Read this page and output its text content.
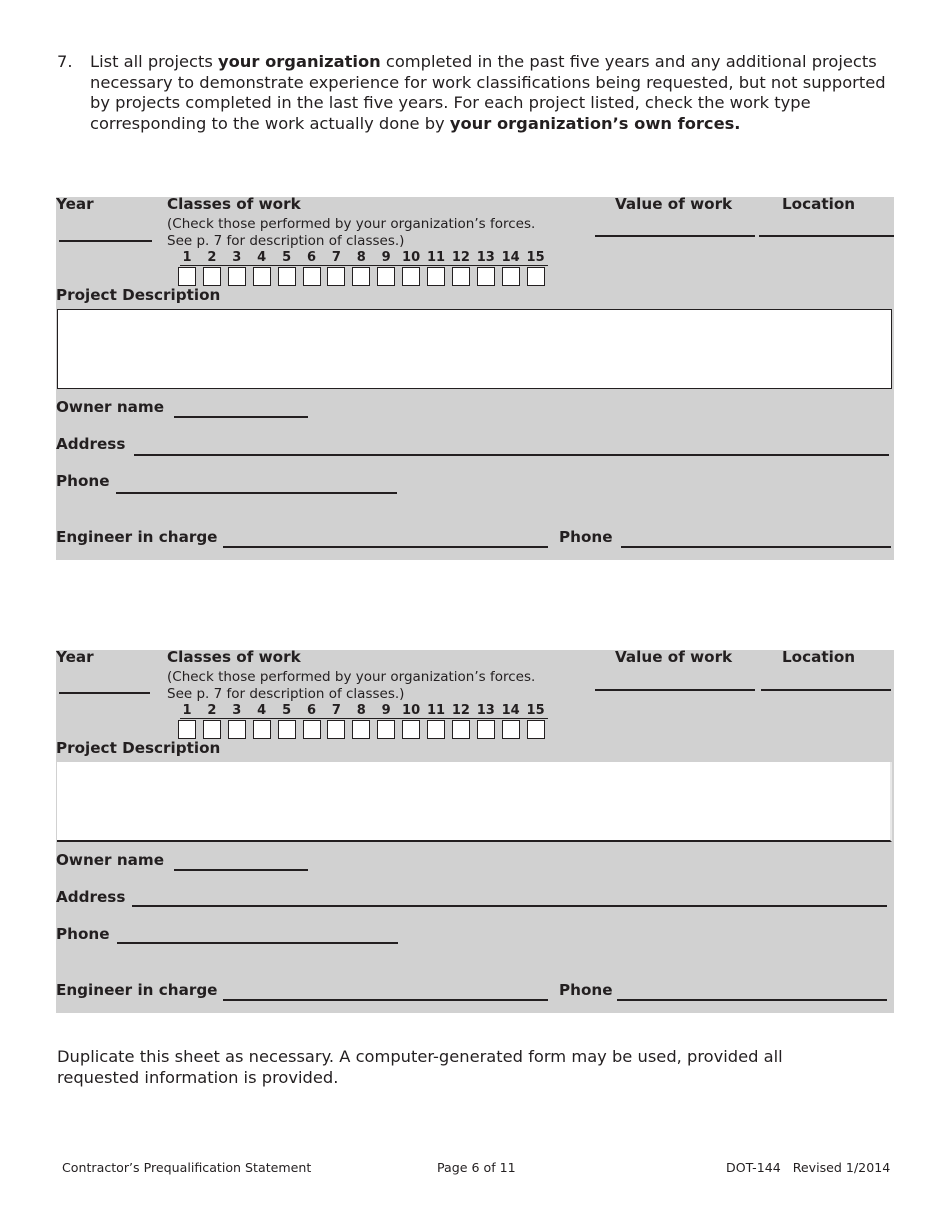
7. List all projects your organization completed in the past five years and any additional projects necessary to demonstrate experience for work classifications being requested, but not supported by projects completed in the last five years. For each project listed, check the work type corresponding to the work actually done by your organization’s own forces.
Year	Classes of work
(Check those performed by your organization’s forces.
See p. 7 for description of classes.)
Value of work	Location
1	2	3	4	5	6	7	8	9 10 11 12 13 14 15
Project Description
Owner name
Address
Phone
Engineer in charge	Phone
Year	Classes of work
(Check those performed by your organization’s forces.
See p. 7 for description of classes.)
Value of work	Location
1	2	3	4	5	6	7	8	9 10 11 12 13 14 15
Project Description
Owner name
Address
Phone
Engineer in charge	Phone
Duplicate this sheet as necessary. A computer-generated form may be used, provided all requested information is provided.
Contractor’s Prequalification Statement	Page 6 of 11	DOT-144   Revised 1/2014
